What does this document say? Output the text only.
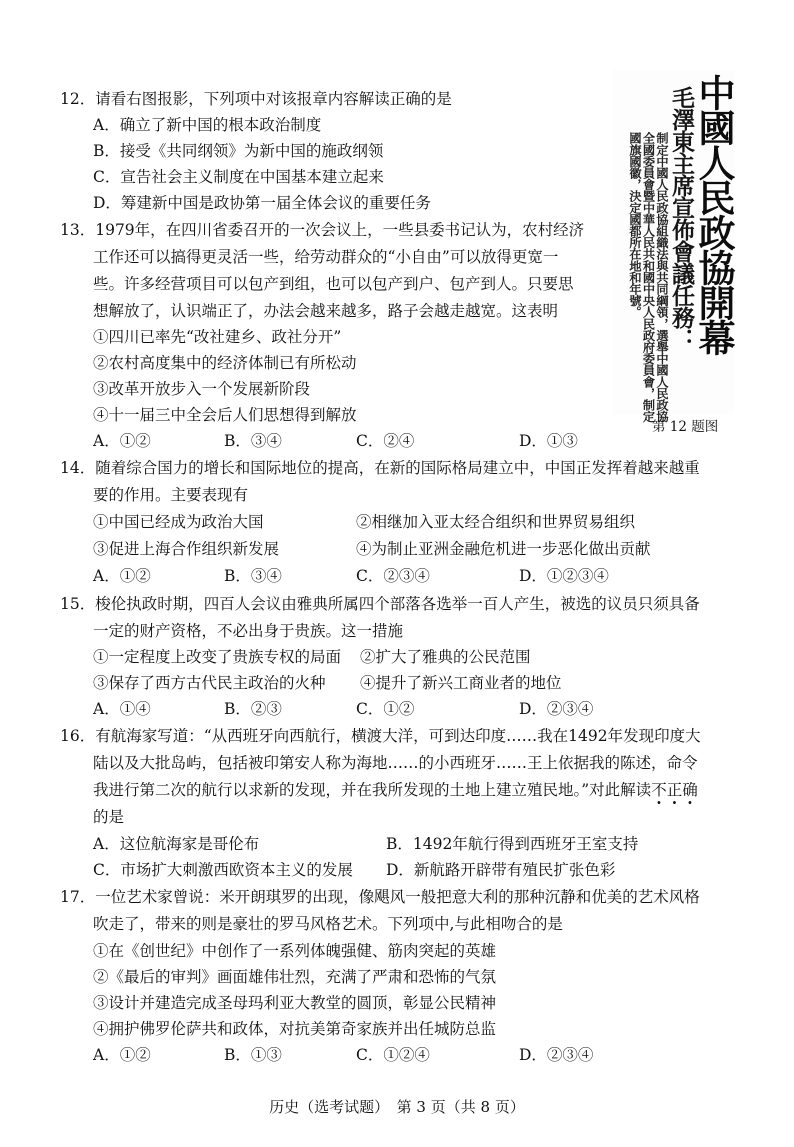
12．请看右图报影，下列项中对该报章内容解读正确的是
A．确立了新中国的根本政治制度
B．接受《共同纲领》为新中国的施政纲领
C．宣告社会主义制度在中国基本建立起来
D．筹建新中国是政协第一届全体会议的重要任务
13．1979年，在四川省委召开的一次会议上，一些县委书记认为，农村经济
工作还可以搞得更灵活一些，给劳动群众的“小自由”可以放得更宽一
些。许多经营项目可以包产到组，也可以包产到户、包产到人。只要思
想解放了，认识端正了，办法会越来越多，路子会越走越宽。这表明
①四川已率先“改社建乡、政社分开”
②农村高度集中的经济体制已有所松动
③改革开放步入一个发展新阶段
④十一届三中全会后人们思想得到解放
A．①②	B．③④	C．②④	D．①③
中國人民政協開幕
毛澤東主席宣佈會議任務：
制定中國人民政協組織法與共同綱領，選舉中國人民政協全國委員會暨中華人民共和國中央人民政府委員會，制定國旗國徽，決定國都所在地和年號。
第 12 题图
14．随着综合国力的增长和国际地位的提高，在新的国际格局建立中，中国正发挥着越来越重
要的作用。主要表现有
①中国已经成为政治大国	②相继加入亚太经合组织和世界贸易组织
③促进上海合作组织新发展	④为制止亚洲金融危机进一步恶化做出贡献
A．①②	B．③④	C．②③④	D．①②③④
15．梭伦执政时期，四百人会议由雅典所属四个部落各选举一百人产生，被选的议员只须具备
一定的财产资格，不必出身于贵族。这一措施
①一定程度上改变了贵族专权的局面 ②扩大了雅典的公民范围
③保存了西方古代民主政治的火种 ④提升了新兴工商业者的地位
A．①④	B．②③	C．①②	D．②③④
16．有航海家写道：“从西班牙向西航行，横渡大洋，可到达印度……我在1492年发现印度大
陆以及大批岛屿，包括被印第安人称为海地……的小西班牙……王上依据我的陈述，命令
我进行第二次的航行以求新的发现，并在我所发现的土地上建立殖民地。”对此解读不正确
的是
A．这位航海家是哥伦布	B．1492年航行得到西班牙王室支持
C．市场扩大刺激西欧资本主义的发展 D．新航路开辟带有殖民扩张色彩
17．一位艺术家曾说：米开朗琪罗的出现，像飓风一般把意大利的那种沉静和优美的艺术风格
吹走了，带来的则是豪壮的罗马风格艺术。下列项中,与此相吻合的是
①在《创世纪》中创作了一系列体魄强健、筋肉突起的英雄
②《最后的审判》画面雄伟壮烈，充满了严肃和恐怖的气氛
③设计并建造完成圣母玛利亚大教堂的圆顶，彰显公民精神
④拥护佛罗伦萨共和政体，对抗美第奇家族并出任城防总监
A．①②	B．①③	C．①②④	D．②③④
历史（选考试题）　第 3 页（共 8 页）
